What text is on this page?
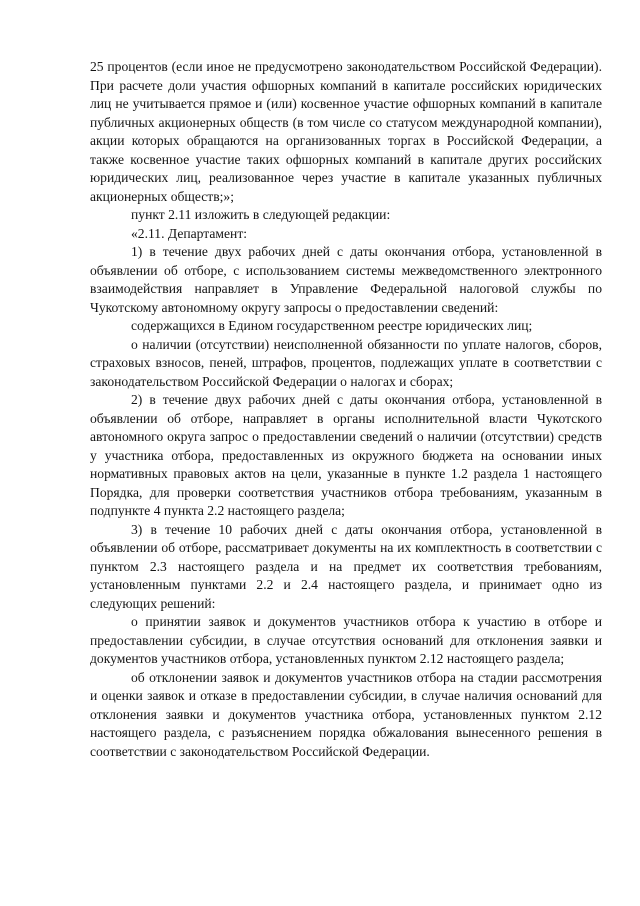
25 процентов (если иное не предусмотрено законодательством Российской Федерации). При расчете доли участия офшорных компаний в капитале российских юридических лиц не учитывается прямое и (или) косвенное участие офшорных компаний в капитале публичных акционерных обществ (в том числе со статусом международной компании), акции которых обращаются на организованных торгах в Российской Федерации, а также косвенное участие таких офшорных компаний в капитале других российских юридических лиц, реализованное через участие в капитале указанных публичных акционерных обществ;»;

пункт 2.11 изложить в следующей редакции:

«2.11. Департамент:

1) в течение двух рабочих дней с даты окончания отбора, установленной в объявлении об отборе, с использованием системы межведомственного электронного взаимодействия направляет в Управление Федеральной налоговой службы по Чукотскому автономному округу запросы о предоставлении сведений:

содержащихся в Едином государственном реестре юридических лиц;

о наличии (отсутствии) неисполненной обязанности по уплате налогов, сборов, страховых взносов, пеней, штрафов, процентов, подлежащих уплате в соответствии с законодательством Российской Федерации о налогах и сборах;

2) в течение двух рабочих дней с даты окончания отбора, установленной в объявлении об отборе, направляет в органы исполнительной власти Чукотского автономного округа запрос о предоставлении сведений о наличии (отсутствии) средств у участника отбора, предоставленных из окружного бюджета на основании иных нормативных правовых актов на цели, указанные в пункте 1.2 раздела 1 настоящего Порядка, для проверки соответствия участников отбора требованиям, указанным в подпункте 4 пункта 2.2 настоящего раздела;

3) в течение 10 рабочих дней с даты окончания отбора, установленной в объявлении об отборе, рассматривает документы на их комплектность в соответствии с пунктом 2.3 настоящего раздела и на предмет их соответствия требованиям, установленным пунктами 2.2 и 2.4 настоящего раздела, и принимает одно из следующих решений:

о принятии заявок и документов участников отбора к участию в отборе и предоставлении субсидии, в случае отсутствия оснований для отклонения заявки и документов участников отбора, установленных пунктом 2.12 настоящего раздела;

об отклонении заявок и документов участников отбора на стадии рассмотрения и оценки заявок и отказе в предоставлении субсидии, в случае наличия оснований для отклонения заявки и документов участника отбора, установленных пунктом 2.12 настоящего раздела, с разъяснением порядка обжалования вынесенного решения в соответствии с законодательством Российской Федерации.
